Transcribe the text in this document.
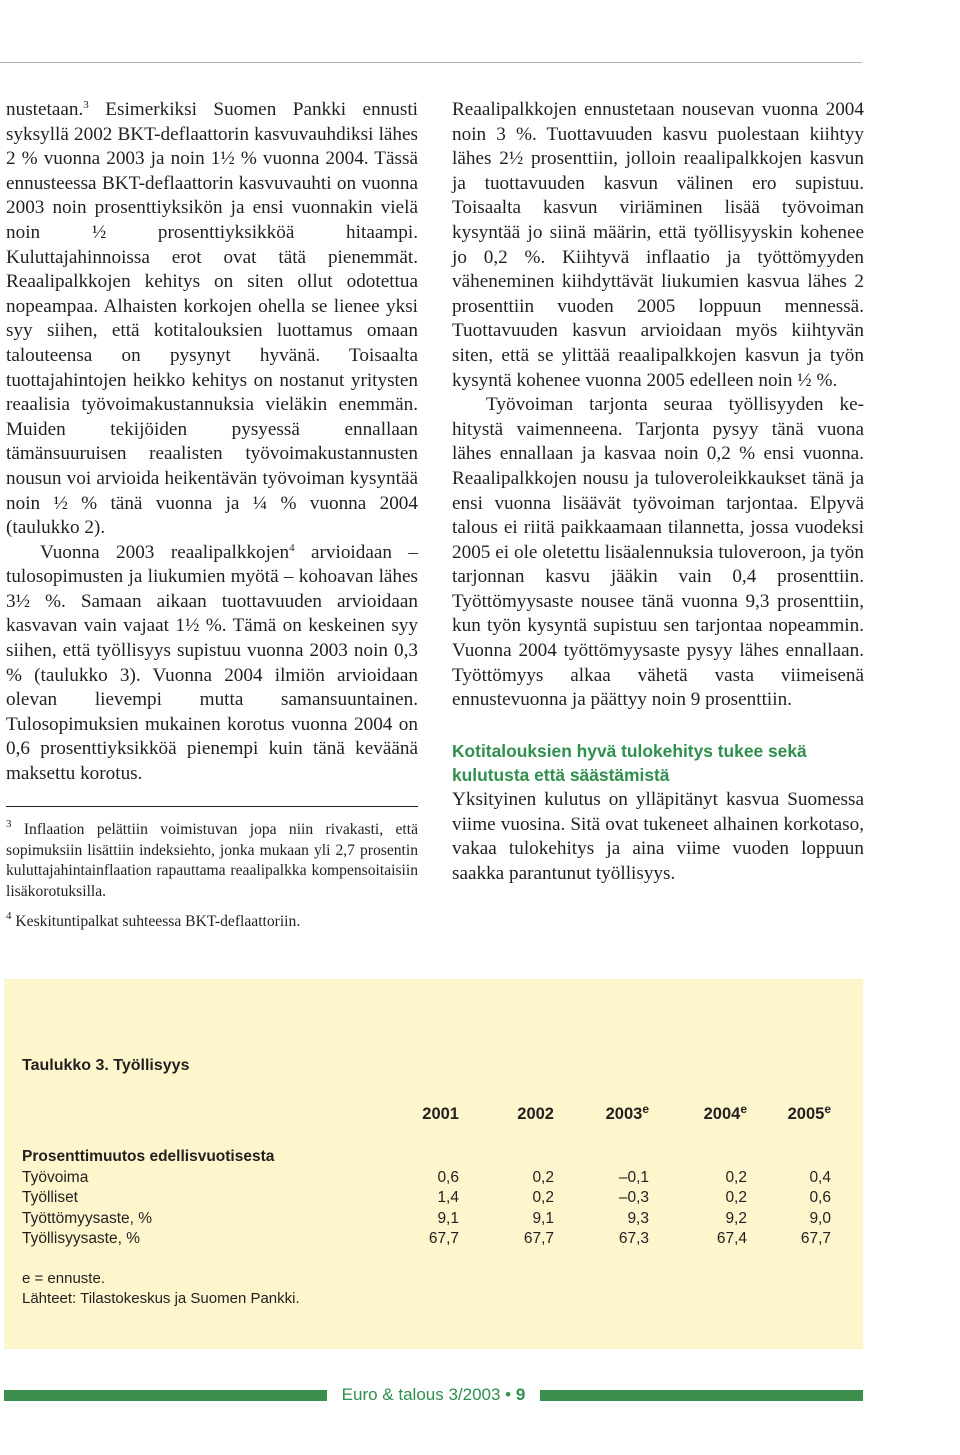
nustetaan.$^3$ Esimerkiksi Suomen Pankki ennusti syksyllä 2002 BKT-deflaattorin kasvuvauhdiksi lähes 2 % vuonna 2003 ja noin 1½ % vuonna 2004. Tässä ennusteessa BKT-deflaattorin kasvuvauhti on vuonna 2003 noin prosenttiyksikön ja ensi vuonnakin vielä noin ½ prosenttiyksikköä hitaampi. Kuluttajahinnoissa erot ovat tätä pienemmät. Reaalipalkkojen kehitys on siten ollut odotettua nopeampaa. Alhaisten korkojen ohella se lienee yksi syy siihen, että kotitalouksien luottamus omaan talouteensa on pysynyt hyvänä. Toisaalta tuottajahintojen heikko kehitys on nostanut yritysten reaalisia työvoimakustannuksia vieläkin enemmän. Muiden tekijöiden pysyessä ennallaan tämänsuuruisen reaalisten työvoimakustannusten nousun voi arvioida heikentävän työvoiman kysyntää noin ½ % tänä vuonna ja ¼ % vuonna 2004 (taulukko 2).

Vuonna 2003 reaalipalkkojen$^4$ arvioidaan – tulosopimusten ja liukumien myötä – kohoavan lähes 3½ %. Samaan aikaan tuottavuuden arvioidaan kasvavan vain vajaat 1½ %. Tämä on keskeinen syy siihen, että työllisyys supistuu vuonna 2003 noin 0,3 % (taulukko 3). Vuonna 2004 ilmiön arvioidaan olevan lievempi mutta samansuuntainen. Tulosopimuksien mukainen korotus vuonna 2004 on 0,6 prosenttiyksikköä pienempi kuin tänä keväänä maksettu korotus.

$^3$ Inflaation pelättiin voimistuvan jopa niin rivakasti, että sopimuksiin lisättiin indeksiehto, jonka mukaan yli 2,7 prosentin kuluttajahintainflaation rapauttama reaalipalkka kompensoitaisiin lisäkorotuksilla.

$^4$ Keskituntipalkat suhteessa BKT-deflaattoriin.

Reaalipalkkojen ennustetaan nousevan vuonna 2004 noin 3 %. Tuottavuuden kasvu puolestaan kiihtyy lähes 2½ prosenttiin, jolloin reaalipalkkojen kasvun ja tuottavuuden kasvun välinen ero supistuu. Toisaalta kasvun viriäminen lisää työvoiman kysyntää jo siinä määrin, että työllisyyskin kohenee jo 0,2 %. Kiihtyvä inflaatio ja työttömyyden väheneminen kiihdyttävät liukumien kasvua lähes 2 prosenttiin vuoden 2005 loppuun mennessä. Tuottavuuden kasvun arvioidaan myös kiihtyvän siten, että se ylittää reaalipalkkojen kasvun ja työn kysyntä kohenee vuonna 2005 edelleen noin ½ %.

Työvoiman tarjonta seuraa työllisyyden kehitystä vaimenneena. Tarjonta pysyy tänä vuona lähes ennallaan ja kasvaa noin 0,2 % ensi vuonna. Reaalipalkkojen nousu ja tuloveroleikkaukset tänä ja ensi vuonna lisäävät työvoiman tarjontaa. Elpyvä talous ei riitä paikkaamaan tilannetta, jossa vuodeksi 2005 ei ole oletettu lisäalennuksia tuloveroon, ja työn tarjonnan kasvu jääkin vain 0,4 prosenttiin. Työttömyysaste nousee tänä vuonna 9,3 prosenttiin, kun työn kysyntä supistuu sen tarjontaa nopeammin. Vuonna 2004 työttömyysaste pysyy lähes ennallaan. Työttömyys alkaa vähetä vasta viimeisenä ennustevuonna ja päättyy noin 9 prosenttiin.

Kotitalouksien hyvä tulokehitys tukee sekä kulutusta että säästämistä

Yksityinen kulutus on ylläpitänyt kasvua Suomessa viime vuosina. Sitä ovat tukeneet alhainen korkotaso, vakaa tulokehitys ja aina viime vuoden loppuun saakka parantunut työllisyys.

Taulukko 3. Työllisyys
	2001	2002	2003e	2004e	2005e

Prosenttimuutos edellisvuotisesta					
Työvoima	0,6	0,2	–0,1	0,2	0,4
Työlliset	1,4	0,2	–0,3	0,2	0,6
Työttömyysaste, %	9,1	9,1	9,3	9,2	9,0
Työllisyysaste, %	67,7	67,7	67,3	67,4	67,7
e = ennuste.
Lähteet: Tilastokeskus ja Suomen Pankki.
Euro & talous 3/2003 • 9
